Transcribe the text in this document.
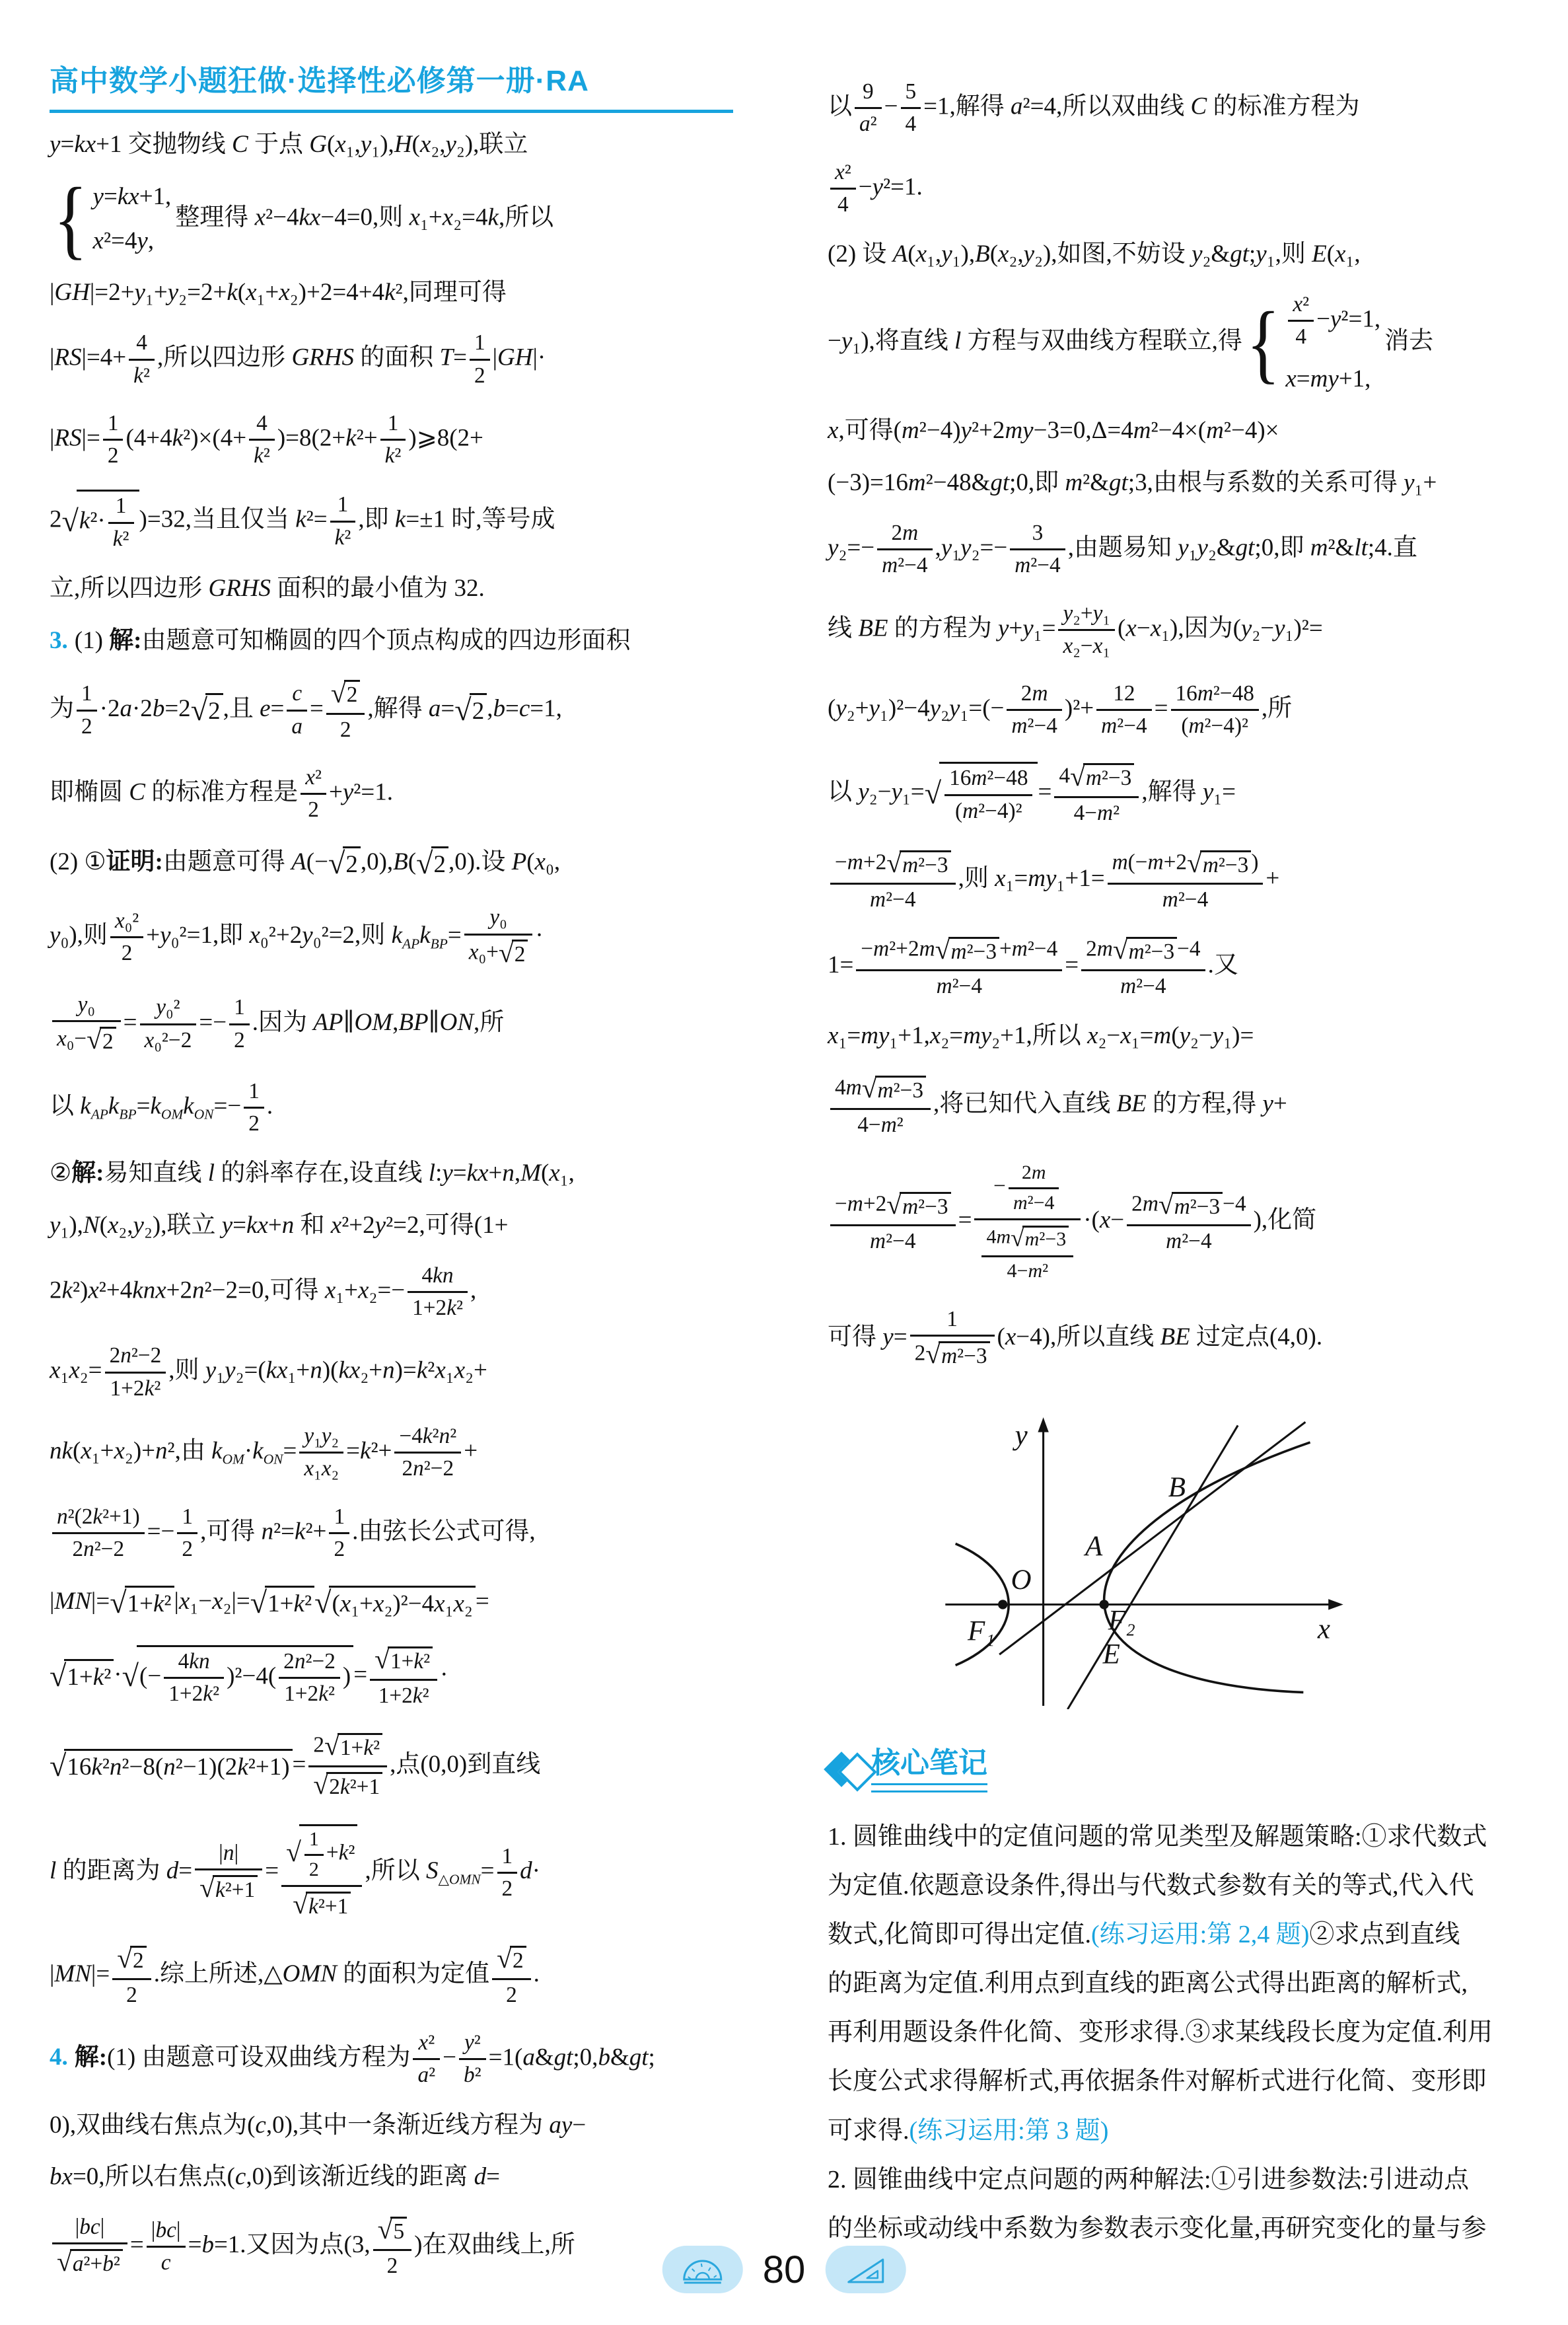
高中数学小题狂做·选择性必修第一册·RA
y=kx+1 交抛物线 C 于点 G(x₁,y₁),H(x₂,y₂),联立
{ y=kx+1,
x²=4y,
整理得 x²−4kx−4=0,则 x₁+x₂=4k,所以
|GH|=2+y₁+y₂=2+k(x₁+x₂)+2=4+4k²,同理可得
$|RS|=4+ \frac{4}{\text{k²}}$ ,所以四边形 GRHS 的面积 $T= \frac{1}{2} |GH|\cdot$
$|RS|= \frac{1}{2} (4+4k^2)\times(4+ \frac{4}{\text{k²}} )=8(2+k^2+ \frac{1}{\text{k²}}$ )⩾8(2+
$2√k^2\cdot \frac{1}{\text{k²}} )=32$,当且仅当 $k^2= \frac{1}{\text{k²}}$ ,即 k=±1 时,等号成
立,所以四边形 GRHS 面积的最小值为 32.
3. (1) 解:由题意可知椭圆的四个顶点构成的四边形面积
为 $\frac{1}{2} \cdot 2a\cdot 2b=2√2$ ,且 $e= \frac{c}{a} = \frac{√2}{2}$ ,解得 a=√2 ,b=c=1,
即椭圆 C 的标准方程是 $\frac{\text{x²}}{2} +y^2=1$.
(2) ①证明:由题意可得 A(−√2 ,0),B(√2 ,0).设 P(x₀,
y₀),则 $\frac{\text{x₀²}}{2} +y_0^2=1$,即 x₀²+2y₀²=2,则 $k_{AP}k_{BP}= \frac{\text{y₀}}{\text{x₀+√2}}$ ·
$\frac{\text{y₀}}{\text{x₀−√2}} = \frac{\text{y₀²}}{\text{x₀²−2}} =- \frac{1}{2}$ .因为 AP∥OM,BP∥ON,所
以 $k_{AP}k_{BP}=k_{OM}k_{ON}=- \frac{1}{2}$ .
②解:易知直线 l 的斜率存在,设直线 l:y=kx+n,M(x₁,
y₁),N(x₂,y₂),联立 y=kx+n 和 x²+2y²=2,可得(1+
2k²)x²+4knx+2n²−2=0,可得 $x_1+x_2=- \frac{4kn}{\text{1+2k²}}$ ,
$x_1x_2= \frac{\text{2n²−2}}{\text{1+2k²}}$ ,则 y₁y₂=(kx₁+n)(kx₂+n)=k²x₁x₂+
nk(x₁+x₂)+n²,由 $k_{OM}\cdot k_{ON}= \frac{\text{y₁y₂}}{\text{x₁x₂}} =k^2+ \frac{\text{−4k²n²}}{\text{2n²−2}}$ +
$\frac{\text{n²(2k²+1)}}{\text{2n²−2}} =- \frac{1}{2}$ ,可得 $n^2=k^2+ \frac{1}{2}$ .由弦长公式可得,
|MN|=√1+k² |x₁−x₂|=√1+k²√(x₁+x₂)²−4x₁x₂ =
√1+k² ·√(− $\frac{4kn}{\text{1+2k²}} )^2-4( \frac{\text{2n²−2}}{\text{1+2k²}}$ ) = $\frac{\text{√1+k²}}{\text{1+2k²}}$ ·
$√16k^2n^2-8(n^2-1)(2k^2+1) = \frac{\text{2√1+k²}}{\text{√2k²+1}}$ ,点(0,0)到直线
l 的距离为 $d= \frac{|n|}{\text{√k²+1}} = \frac{√ \frac{1}{2} +k^2}{\text{√k²+1}}$ ,所以 $S_{\triangle OMN}= \frac{1}{2} d\cdot$
$|MN|= \frac{√2}{2}$ .综上所述,△OMN 的面积为定值 $\frac{√2}{2}$ .
4. 解:(1) 由题意可设双曲线方程为 $\frac{\text{x²}}{\text{a²}} - \frac{\text{y²}}{\text{b²}}$ =1(a&gt;0,b&gt;
0),双曲线右焦点为(c,0),其中一条渐近线方程为 ay−
bx=0,所以右焦点(c,0)到该渐近线的距离 d=
$\frac{|bc|}{\text{√a²+b²}} = \frac{|bc|}{c} =b=1$.又因为点(3, $\frac{√5}{2}$ )在双曲线上,所
以 $\frac{9}{\text{a²}} - \frac{5}{4} =1$,解得 a²=4,所以双曲线 C 的标准方程为
$\frac{\text{x²}}{4} -y^2=1$.
(2) 设 A(x₁,y₁),B(x₂,y₂),如图,不妨设 y₂&gt;y₁,则 E(x₁,
−y₁),将直线 l 方程与双曲线方程联立,得 { $\frac{\text{x²}}{4} -y^2=1$,
x=my+1,
消去
x,可得(m²−4)y²+2my−3=0,Δ=4m²−4×(m²−4)×
(−3)=16m²−48&gt;0,即 m²&gt;3,由根与系数的关系可得 y₁+
$y_2=- \frac{2m}{\text{m²−4}} ,y_1y_2=- \frac{3}{\text{m²−4}}$ ,由题易知 y₁y₂&gt;0,即 m²&lt;4.直
线 BE 的方程为 $y+y_1= \frac{\text{y₂+y₁}}{\text{x₂−x₁}} (x-x_1)$,因为(y₂−y₁)²=
$(y_2+y_1)^2-4y_2y_1=(- \frac{2m}{\text{m²−4}} )^2+ \frac{12}{\text{m²−4}} = \frac{\text{16m²−48}}{\text{(m²−4)²}}$ ,所
以 $y_2-y_1=√ \frac{\text{16m²−48}}{\text{(m²−4)²}} = \frac{\text{4√m²−3}}{\text{4−m²}}$ ,解得 y₁=
$\frac{\text{−m+2√m²−3}}{\text{m²−4}}$ ,则 $x_1=my_1+1= \frac{\text{m(−m+2√m²−3 )}}{\text{m²−4}}$ +
$1= \frac{\text{−m²+2m√m²−3 +m²−4}}{\text{m²−4}} = \frac{\text{2m√m²−3 −4}}{\text{m²−4}}$ .又
x₁=my₁+1,x₂=my₂+1,所以 x₂−x₁=m(y₂−y₁)=
$\frac{\text{4m√m²−3}}{\text{4−m²}}$ ,将已知代入直线 BE 的方程,得 y+
$\frac{\text{−m+2√m²−3}}{\text{m²−4}} = \frac{- \frac{2m}{\text{m²−4}}}{\frac{\text{4m√m²−3}}{\text{4−m²}}} \cdot(x- \frac{\text{2m√m²−3 −4}}{\text{m²−4}}$ ),化简
可得 $y= \frac{1}{\text{2√m²−3}} (x-4)$,所以直线 BE 过定点(4,0).
y
x
O
A
B
E
F₁	F₂
核心笔记
1. 圆锥曲线中的定值问题的常见类型及解题策略:①求代数式
为定值.依题意设条件,得出与代数式参数有关的等式,代入代
数式,化简即可得出定值.(练习运用:第 2,4 题)②求点到直线
的距离为定值.利用点到直线的距离公式得出距离的解析式,
再利用题设条件化简、变形求得.③求某线段长度为定值.利用
长度公式求得解析式,再依据条件对解析式进行化简、变形即
可求得.(练习运用:第 3 题)
2. 圆锥曲线中定点问题的两种解法:①引进参数法:引进动点
的坐标或动线中系数为参数表示变化量,再研究变化的量与参
80
